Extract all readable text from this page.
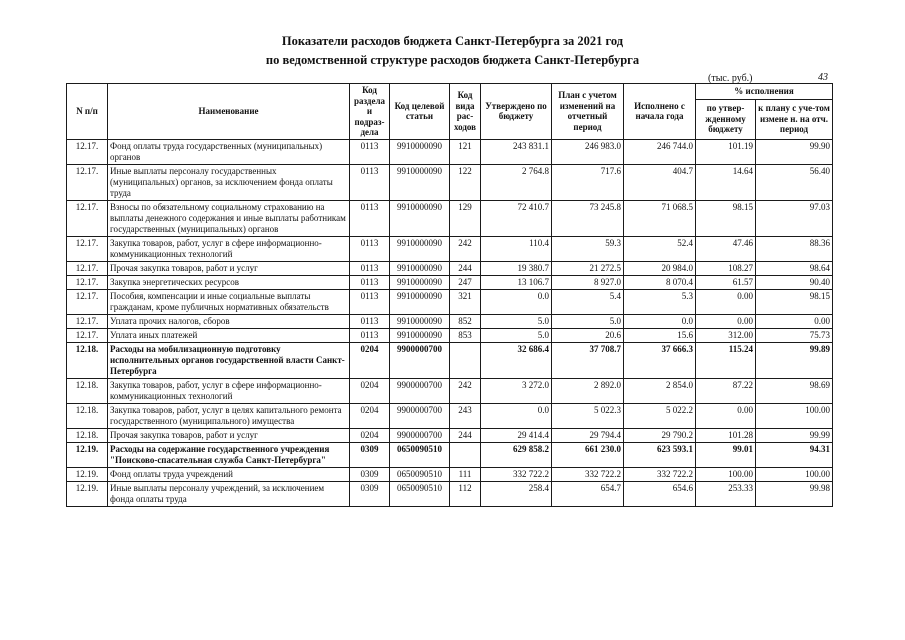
Показатели расходов бюджета Санкт-Петербурга за 2021 год
по ведомственной структуре расходов бюджета Санкт-Петербурга
(тыс. руб.)	43
N п/п	Наименование	Код раздела и подраз-дела	Код целевой статьи	Код вида рас-ходов	Утверждено по бюджету	План с учетом изменений на отчетный период	Исполнено с начала года	% исполнения	
								по утвер-жденному бюджету	к плану с уче-том измене н. на отч. период
12.17.	Фонд оплаты труда государственных (муниципальных) органов	0113	9910000090	121	243 831.1	246 983.0	246 744.0	101.19	99.90
12.17.	Иные выплаты персоналу государственных (муниципальных) органов, за исключением фонда оплаты труда	0113	9910000090	122	2 764.8	717.6	404.7	14.64	56.40
12.17.	Взносы по обязательному социальному страхованию на выплаты денежного содержания и иные выплаты работникам государственных (муниципальных) органов	0113	9910000090	129	72 410.7	73 245.8	71 068.5	98.15	97.03
12.17.	Закупка товаров, работ, услуг в сфере информационно-коммуникационных технологий	0113	9910000090	242	110.4	59.3	52.4	47.46	88.36
12.17.	Прочая закупка товаров, работ и услуг	0113	9910000090	244	19 380.7	21 272.5	20 984.0	108.27	98.64
12.17.	Закупка энергетических ресурсов	0113	9910000090	247	13 106.7	8 927.0	8 070.4	61.57	90.40
12.17.	Пособия, компенсации и иные социальные выплаты гражданам, кроме публичных нормативных обязательств	0113	9910000090	321	0.0	5.4	5.3	0.00	98.15
12.17.	Уплата прочих налогов, сборов	0113	9910000090	852	5.0	5.0	0.0	0.00	0.00
12.17.	Уплата иных платежей	0113	9910000090	853	5.0	20.6	15.6	312.00	75.73
12.18.	Расходы на мобилизационную подготовку исполнительных органов государственной власти Санкт-Петербурга	0204	9900000700		32 686.4	37 708.7	37 666.3	115.24	99.89
12.18.	Закупка товаров, работ, услуг в сфере информационно-коммуникационных технологий	0204	9900000700	242	3 272.0	2 892.0	2 854.0	87.22	98.69
12.18.	Закупка товаров, работ, услуг в целях капитального ремонта государственного (муниципального) имущества	0204	9900000700	243	0.0	5 022.3	5 022.2	0.00	100.00
12.18.	Прочая закупка товаров, работ и услуг	0204	9900000700	244	29 414.4	29 794.4	29 790.2	101.28	99.99
12.19.	Расходы на содержание государственного учреждения "Поисково-спасательная служба Санкт-Петербурга"	0309	0650090510		629 858.2	661 230.0	623 593.1	99.01	94.31
12.19.	Фонд оплаты труда учреждений	0309	0650090510	111	332 722.2	332 722.2	332 722.2	100.00	100.00
12.19.	Иные выплаты персоналу учреждений, за исключением фонда оплаты труда	0309	0650090510	112	258.4	654.7	654.6	253.33	99.98
